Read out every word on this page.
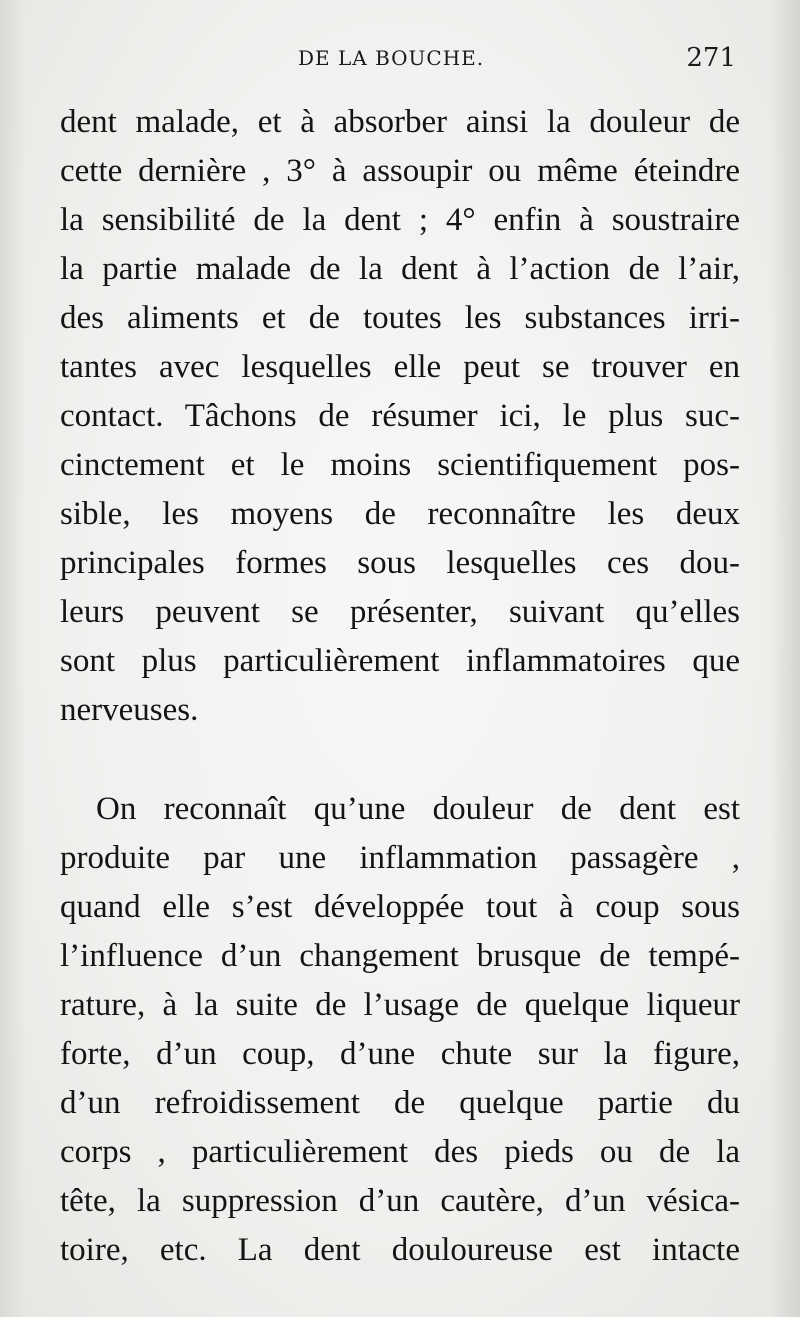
DE LA BOUCHE.	271
dent malade, et à absorber ainsi la douleur de
cette dernière , 3° à assoupir ou même éteindre
la sensibilité de la dent ; 4° enfin à soustraire
la partie malade de la dent à l’action de l’air,
des aliments et de toutes les substances irri-
tantes avec lesquelles elle peut se trouver en
contact. Tâchons de résumer ici, le plus suc-
cinctement et le moins scientifiquement pos-
sible, les moyens de reconnaître les deux
principales formes sous lesquelles ces dou-
leurs peuvent se présenter, suivant qu’elles
sont plus particulièrement inflammatoires que
nerveuses.
On reconnaît qu’une douleur de dent est
produite par une inflammation passagère ,
quand elle s’est développée tout à coup sous
l’influence d’un changement brusque de tempé-
rature, à la suite de l’usage de quelque liqueur
forte, d’un coup, d’une chute sur la figure,
d’un refroidissement de quelque partie du
corps , particulièrement des pieds ou de la
tête, la suppression d’un cautère, d’un vésica-
toire, etc. La dent douloureuse est intacte
